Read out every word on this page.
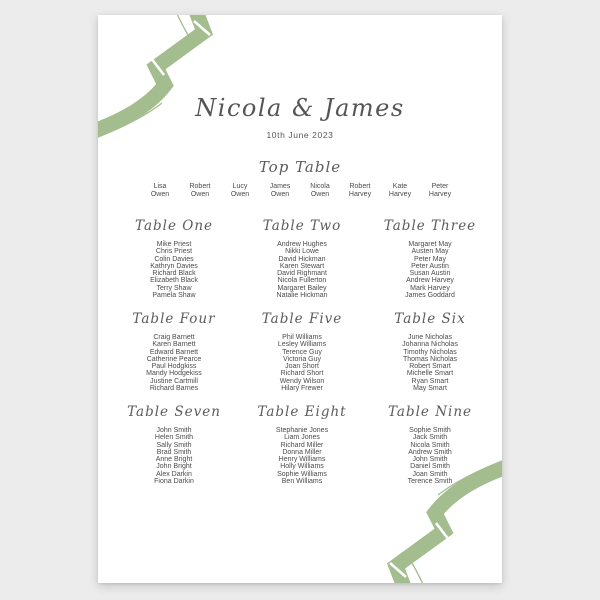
Nicola & James
10th June 2023
Top Table
Lisa
Owen
Robert
Owen
Lucy
Owen
James
Owen
Nicola
Owen
Robert
Harvey
Kate
Harvey
Peter
Harvey
Table One
Mike Priest
Chris Priest
Colin Davies
Kathryn Davies
Richard Black
Elizabeth Black
Terry Shaw
Pamela Shaw
Table Two
Andrew Hughes
Nikki Lowe
David Hickman
Karen Stewart
David Righmant
Nicola Fullerton
Margaret Bailey
Natalie Hickman
Table Three
Margaret May
Austen May
Peter May
Peter Austin
Susan Austin
Andrew Harvey
Mark Harvey
James Goddard
Table Four
Craig Barnett
Karen Barnett
Edward Barnett
Catherine Pearce
Paul Hodgkiss
Mandy Hodgekiss
Justine Cartmill
Richard Barnes
Table Five
Phil Williams
Lesley Williams
Terence Guy
Victoria Guy
Joan Short
Richard Short
Wendy Wilson
Hilary Frewer
Table Six
June Nicholas
Johanna Nicholas
Timothy Nicholas
Thomas Nicholas
Robert Smart
Michelle Smart
Ryan Smart
May Smart
Table Seven
John Smith
Helen Smith
Sally Smith
Brad Smith
Anne Bright
John Bright
Alex Darkin
Fiona Darkin
Table Eight
Stephanie Jones
Liam Jones
Richard Miller
Donna Miller
Henry Williams
Holly Williams
Sophie Williams
Ben Williams
Table Nine
Sophie Smith
Jack Smith
Nicola Smith
Andrew Smith
John Smith
Daniel Smith
Joan Smith
Terence Smith
